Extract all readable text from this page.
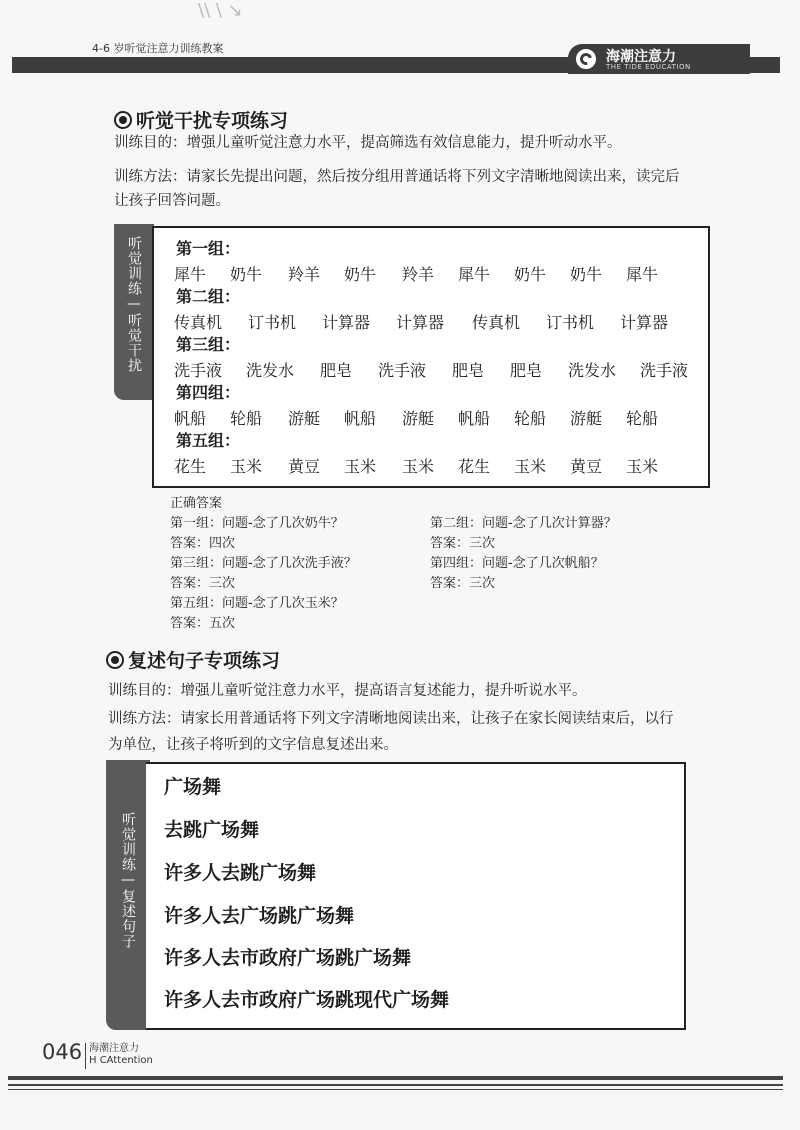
\\ \ ↘
4-6 岁听觉注意力训练教案
海潮注意力
THE TIDE EDUCATION
听觉干扰专项练习
训练目的：增强儿童听觉注意力水平，提高筛选有效信息能力，提升听动水平。
训练方法：请家长先提出问题，然后按分组用普通话将下列文字清晰地阅读出来，读完后
让孩子回答问题。
听觉训练—听觉干扰 第一组：
犀牛 奶牛 羚羊 奶牛 羚羊 犀牛 奶牛 奶牛 犀牛
第二组：
传真机 订书机 计算器 计算器 传真机 订书机 计算器
第三组：
洗手液 洗发水 肥皂 洗手液 肥皂 肥皂 洗发水 洗手液
第四组：
帆船 轮船 游艇 帆船 游艇 帆船 轮船 游艇 轮船
第五组：
花生 玉米 黄豆 玉米 玉米 花生 玉米 黄豆 玉米
正确答案
第一组：问题-念了几次奶牛？
答案：四次
第三组：问题-念了几次洗手液？
答案：三次
第五组：问题-念了几次玉米？
答案：五次
第二组：问题-念了几次计算器？
答案：三次
第四组：问题-念了几次帆船？
答案：三次
复述句子专项练习
训练目的：增强儿童听觉注意力水平，提高语言复述能力，提升听说水平。
训练方法：请家长用普通话将下列文字清晰地阅读出来，让孩子在家长阅读结束后，以行
为单位，让孩子将听到的文字信息复述出来。
听觉训练—复述句子
广场舞
去跳广场舞
许多人去跳广场舞
许多人去广场跳广场舞
许多人去市政府广场跳广场舞
许多人去市政府广场跳现代广场舞
046 海潮注意力
H CAttention
